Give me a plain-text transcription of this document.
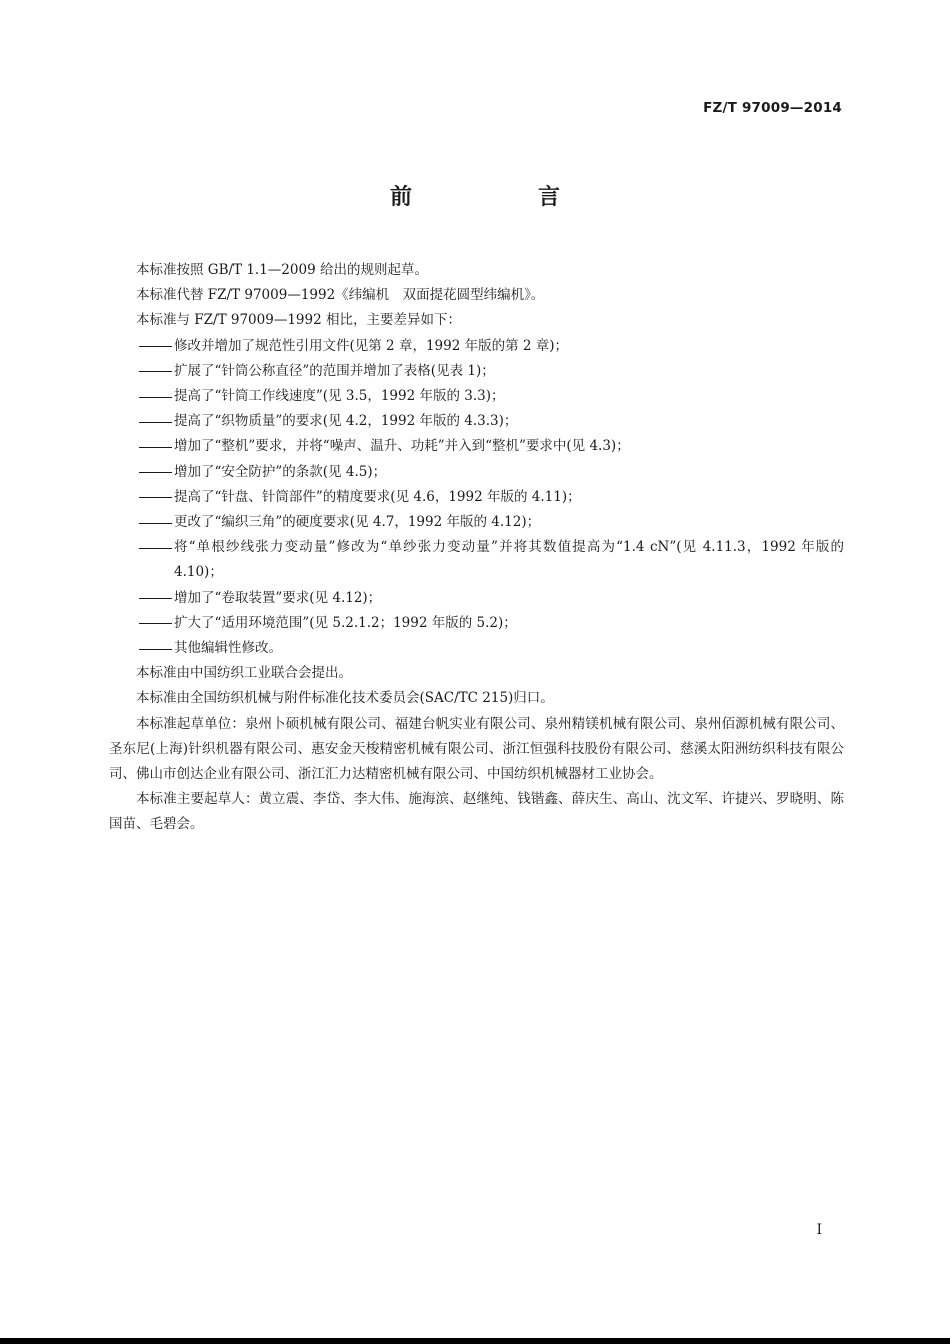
FZ/T 97009—2014
前　言

本标准按照 GB/T 1.1—2009 给出的规则起草。

本标准代替 FZ/T 97009—1992《纬编机　双面提花圆型纬编机》。

本标准与 FZ/T 97009—1992 相比，主要差异如下：

修改并增加了规范性引用文件(见第 2 章，1992 年版的第 2 章)；

扩展了“针筒公称直径”的范围并增加了表格(见表 1)；

提高了“针筒工作线速度”(见 3.5，1992 年版的 3.3)；

提高了“织物质量”的要求(见 4.2，1992 年版的 4.3.3)；

增加了“整机”要求，并将“噪声、温升、功耗”并入到“整机”要求中(见 4.3)；

增加了“安全防护”的条款(见 4.5)；

提高了“针盘、针筒部件”的精度要求(见 4.6，1992 年版的 4.11)；

更改了“编织三角”的硬度要求(见 4.7，1992 年版的 4.12)；

将“单根纱线张力变动量”修改为“单纱张力变动量”并将其数值提高为“1.4 cN”(见 4.11.3，1992 年版的 4.10)；

增加了“卷取装置”要求(见 4.12)；

扩大了“适用环境范围”(见 5.2.1.2；1992 年版的 5.2)；

其他编辑性修改。

本标准由中国纺织工业联合会提出。

本标准由全国纺织机械与附件标准化技术委员会(SAC/TC 215)归口。

本标准起草单位：泉州卜硕机械有限公司、福建台帆实业有限公司、泉州精镁机械有限公司、泉州佰源机械有限公司、圣东尼(上海)针织机器有限公司、惠安金天梭精密机械有限公司、浙江恒强科技股份有限公司、慈溪太阳洲纺织科技有限公司、佛山市创达企业有限公司、浙江汇力达精密机械有限公司、中国纺织机械器材工业协会。

本标准主要起草人：黄立震、李岱、李大伟、施海滨、赵继纯、钱锴鑫、薛庆生、高山、沈文军、许捷兴、罗晓明、陈国苗、毛碧会。

I
